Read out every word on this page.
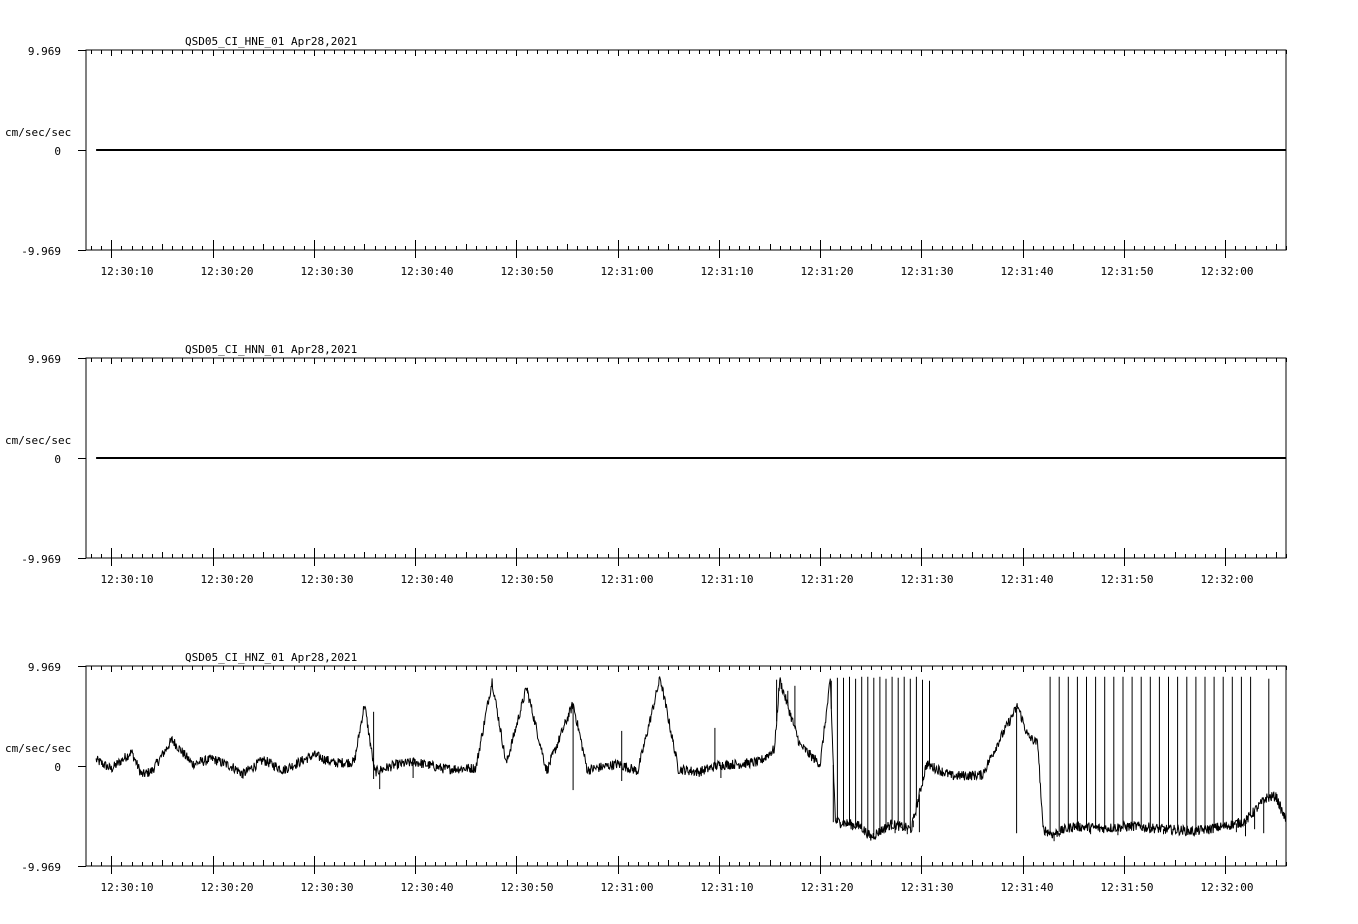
QSD05_CI_HNE_01 Apr28,2021
cm/sec/sec
9.969
0
-9.969
12:30:10	12:30:20	12:30:30	12:30:40	12:30:50	12:31:00	12:31:10	12:31:20	12:31:30	12:31:40	12:31:50	12:32:00
QSD05_CI_HNN_01 Apr28,2021
cm/sec/sec
9.969
0
-9.969
12:30:10	12:30:20	12:30:30	12:30:40	12:30:50	12:31:00	12:31:10	12:31:20	12:31:30	12:31:40	12:31:50	12:32:00
QSD05_CI_HNZ_01 Apr28,2021
cm/sec/sec
9.969
0
-9.969
12:30:10	12:30:20	12:30:30	12:30:40	12:30:50	12:31:00	12:31:10	12:31:20	12:31:30	12:31:40	12:31:50	12:32:00
